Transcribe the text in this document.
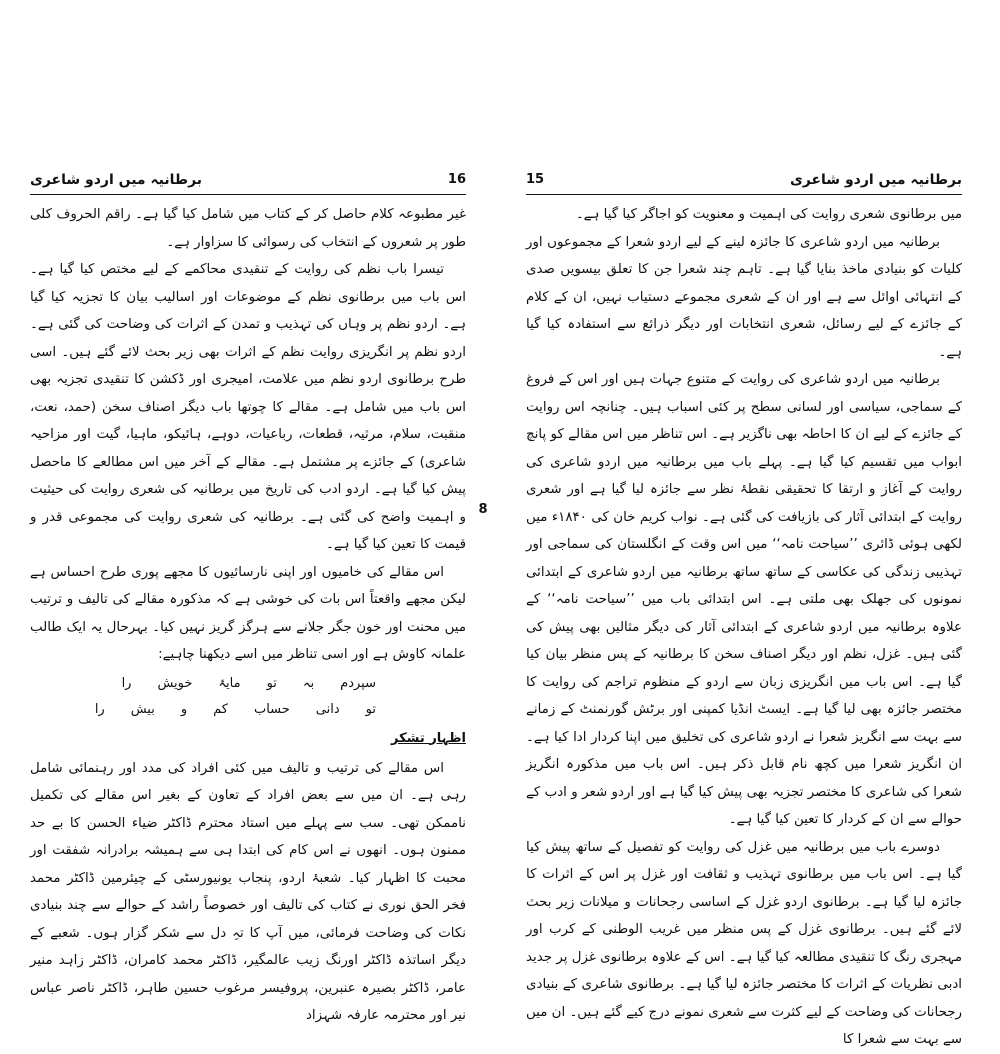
برطانیہ میں اردو شاعری	16

غیر مطبوعہ کلام حاصل کر کے کتاب میں شامل کیا گیا ہے۔ راقم الحروف کلی طور پر شعروں کے انتخاب کی رسوائی کا سزاوار ہے۔

تیسرا باب نظم کی روایت کے تنقیدی محاکمے کے لیے مختص کیا گیا ہے۔ اس باب میں برطانوی نظم کے موضوعات اور اسالیب بیان کا تجزیہ کیا گیا ہے۔ اردو نظم پر وہاں کی تہذیب و تمدن کے اثرات کی وضاحت کی گئی ہے۔ اردو نظم پر انگریزی روایت نظم کے اثرات بھی زیر بحث لائے گئے ہیں۔ اسی طرح برطانوی اردو نظم میں علامت، امیجری اور ڈکشن کا تنقیدی تجزیہ بھی اس باب میں شامل ہے۔ مقالے کا چوتھا باب دیگر اصناف سخن (حمد، نعت، منقبت، سلام، مرثیہ، قطعات، رباعیات، دوہے، ہائیکو، ماہیا، گیت اور مزاحیہ شاعری) کے جائزے پر مشتمل ہے۔ مقالے کے آخر میں اس مطالعے کا ماحصل پیش کیا گیا ہے۔ اردو ادب کی تاریخ میں برطانیہ کی شعری روایت کی حیثیت و اہمیت واضح کی گئی ہے۔ برطانیہ کی شعری روایت کی مجموعی قدر و قیمت کا تعین کیا گیا ہے۔

اس مقالے کی خامیوں اور اپنی نارسائیوں کا مجھے پوری طرح احساس ہے لیکن مجھے واقعتاً اس بات کی خوشی ہے کہ مذکورہ مقالے کی تالیف و ترتیب میں محنت اور خون جگر جلانے سے ہرگز گریز نہیں کیا۔ بہرحال یہ ایک طالب علمانہ کاوش ہے اور اسی تناظر میں اسے دیکھنا چاہیے:

سپردم
بہ
تو
مایۂ
خویش
را
تو
دانی
حساب
کم
و
بیش
را
اظہار تشکر

اس مقالے کی ترتیب و تالیف میں کئی افراد کی مدد اور رہنمائی شامل رہی ہے۔ ان میں سے بعض افراد کے تعاون کے بغیر اس مقالے کی تکمیل ناممکن تھی۔ سب سے پہلے میں استاد محترم ڈاکٹر ضیاء الحسن کا بے حد ممنون ہوں۔ انھوں نے اس کام کی ابتدا ہی سے ہمیشہ برادرانہ شفقت اور محبت کا اظہار کیا۔ شعبۂ اردو، پنجاب یونیورسٹی کے چیئرمین ڈاکٹر محمد فخر الحق نوری نے کتاب کی تالیف اور خصوصاً راشد کے حوالے سے چند بنیادی نکات کی وضاحت فرمائی، میں آپ کا تہِ دل سے شکر گزار ہوں۔ شعبے کے دیگر اساتذہ ڈاکٹر اورنگ زیب عالمگیر، ڈاکٹر محمد کامران، ڈاکٹر زاہد منیر عامر، ڈاکٹر بصیرہ عنبرین، پروفیسر مرغوب حسین طاہر، ڈاکٹر ناصر عباس نیر اور محترمہ عارفہ شہزاد

8
برطانیہ میں اردو شاعری
15

میں برطانوی شعری روایت کی اہمیت و معنویت کو اجاگر کیا گیا ہے۔

برطانیہ میں اردو شاعری کا جائزہ لینے کے لیے اردو شعرا کے مجموعوں اور کلیات کو بنیادی ماخذ بنایا گیا ہے۔ تاہم چند شعرا جن کا تعلق بیسویں صدی کے انتہائی اوائل سے ہے اور ان کے شعری مجموعے دستیاب نہیں، ان کے کلام کے جائزے کے لیے رسائل، شعری انتخابات اور دیگر ذرائع سے استفادہ کیا گیا ہے۔

برطانیہ میں اردو شاعری کی روایت کے متنوع جہات ہیں اور اس کے فروغ کے سماجی، سیاسی اور لسانی سطح پر کئی اسباب ہیں۔ چنانچہ اس روایت کے جائزے کے لیے ان کا احاطہ بھی ناگزیر ہے۔ اس تناظر میں اس مقالے کو پانچ ابواب میں تقسیم کیا گیا ہے۔ پہلے باب میں برطانیہ میں اردو شاعری کی روایت کے آغاز و ارتقا کا تحقیقی نقطۂ نظر سے جائزہ لیا گیا ہے اور شعری روایت کے ابتدائی آثار کی بازیافت کی گئی ہے۔ نواب کریم خان کی ۱۸۴۰ء میں لکھی ہوئی ڈائری ’’سیاحت نامہ‘‘ میں اس وقت کے انگلستان کی سماجی اور تہذیبی زندگی کی عکاسی کے ساتھ ساتھ برطانیہ میں اردو شاعری کے ابتدائی نمونوں کی جھلک بھی ملتی ہے۔ اس ابتدائی باب میں ’’سیاحت نامہ‘‘ کے علاوہ برطانیہ میں اردو شاعری کے ابتدائی آثار کی دیگر مثالیں بھی پیش کی گئی ہیں۔ غزل، نظم اور دیگر اصناف سخن کا برطانیہ کے پس منظر بیان کیا گیا ہے۔ اس باب میں انگریزی زبان سے اردو کے منظوم تراجم کی روایت کا مختصر جائزہ بھی لیا گیا ہے۔ ایسٹ انڈیا کمپنی اور برٹش گورنمنٹ کے زمانے سے بہت سے انگریز شعرا نے اردو شاعری کی تخلیق میں اپنا کردار ادا کیا ہے۔ ان انگریز شعرا میں کچھ نام قابل ذکر ہیں۔ اس باب میں مذکورہ انگریز شعرا کی شاعری کا مختصر تجزیہ بھی پیش کیا گیا ہے اور اردو شعر و ادب کے حوالے سے ان کے کردار کا تعین کیا گیا ہے۔

دوسرے باب میں برطانیہ میں غزل کی روایت کو تفصیل کے ساتھ پیش کیا گیا ہے۔ اس باب میں برطانوی تہذیب و ثقافت اور غزل پر اس کے اثرات کا جائزہ لیا گیا ہے۔ برطانوی اردو غزل کے اساسی رجحانات و میلانات زیر بحث لائے گئے ہیں۔ برطانوی غزل کے پس منظر میں غریب الوطنی کے کرب اور مہجری رنگ کا تنقیدی مطالعہ کیا گیا ہے۔ اس کے علاوہ برطانوی غزل پر جدید ادبی نظریات کے اثرات کا مختصر جائزہ لیا گیا ہے۔ برطانوی شاعری کے بنیادی رجحانات کی وضاحت کے لیے کثرت سے شعری نمونے درج کیے گئے ہیں۔ ان میں سے بہت سے شعرا کا
